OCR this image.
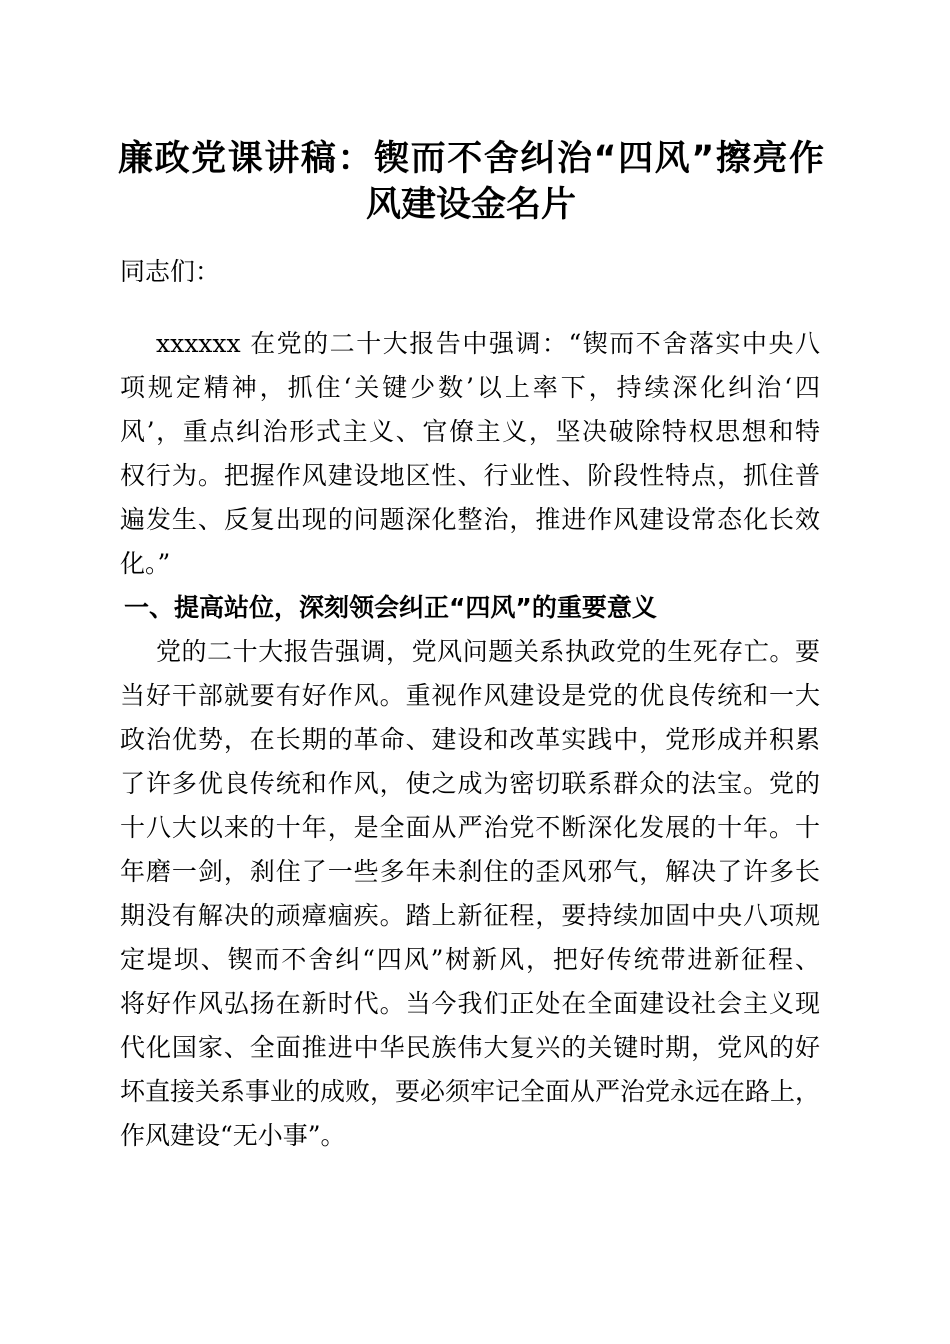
廉政党课讲稿：锲而不舍纠治“四风”擦亮作
风建设金名片
同志们：
xxxxxx 在党的二十大报告中强调：“锲而不舍落实中央八
项规定精神，抓住‘关键少数’以上率下，持续深化纠治‘四
风’，重点纠治形式主义、官僚主义，坚决破除特权思想和特
权行为。把握作风建设地区性、行业性、阶段性特点，抓住普
遍发生、反复出现的问题深化整治，推进作风建设常态化长效
化。”
一、提高站位，深刻领会纠正“四风”的重要意义
党的二十大报告强调，党风问题关系执政党的生死存亡。要
当好干部就要有好作风。重视作风建设是党的优良传统和一大
政治优势，在长期的革命、建设和改革实践中，党形成并积累
了许多优良传统和作风，使之成为密切联系群众的法宝。党的
十八大以来的十年，是全面从严治党不断深化发展的十年。十
年磨一剑，刹住了一些多年未刹住的歪风邪气，解决了许多长
期没有解决的顽瘴痼疾。踏上新征程，要持续加固中央八项规
定堤坝、锲而不舍纠“四风”树新风，把好传统带进新征程、
将好作风弘扬在新时代。当今我们正处在全面建设社会主义现
代化国家、全面推进中华民族伟大复兴的关键时期，党风的好
坏直接关系事业的成败，要必须牢记全面从严治党永远在路上，
作风建设“无小事”。
